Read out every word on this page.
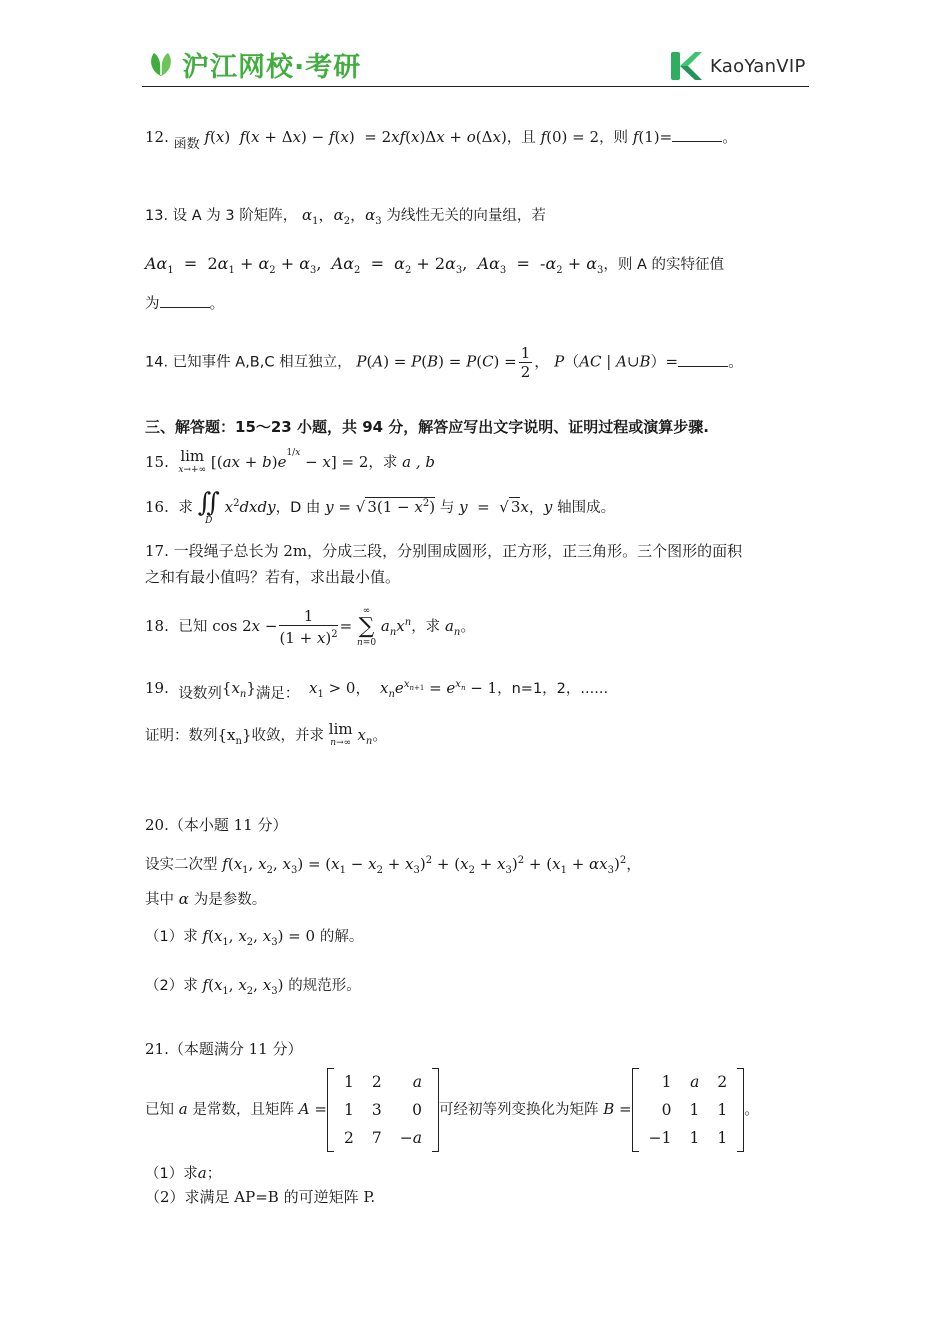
沪江网校·考研	KaoYanVIP
12. 函数 f(x)  f(x + Δx) − f(x)  = 2xf(x)Δx + o(Δx)，且 f(0) = 2，则 f(1)=	。
13. 设 A 为 3 阶矩阵， $\alpha_1$，$\alpha_2$，$\alpha_3$ 为线性无关的向量组，若
$A\alpha_1 = 2\alpha_1 + \alpha_2 + \alpha_3$,  $A\alpha_2 = \alpha_2 + 2\alpha_3$,  $A\alpha_3 = -\alpha_2 + \alpha_3$，则 A 的实特征值
为	。
14. 已知事件 A,B,C 相互独立， $P(A) = P(B) = P(C) = \frac{1}{2}$ ， P（AC | A∪B）=	。
三、解答题：15～23 小题，共 94 分，解答应写出文字说明、证明过程或演算步骤.
15. lim
x→+∞ $[(ax + b)e^{1/x} - x] = 2$，求 a , b
16. 求 ∬
D
$x^2dxdy$，D 由 y = √ $3(1 - x^2)$ 与 y  =  √ 3x，y 轴围成。
17. 一段绳子总长为 2m，分成三段，分别围成圆形，正方形，正三角形。三个图形的面积
之和有最小值吗？若有，求出最小值。
18. 已知 $\cos 2x - \frac{1}{(1 + x)^2}$ =
∞
∑
n=0
$a_nx^n$，求 $a_n$。
19. 设数列$\{x_n\}$满足： $x_1 > 0$，  $x_ne^{x_{n+1}} = e^{x_n} - 1$，n=1，2，......
证明：数列$\{x_n\}$收敛，并求 lim
n→∞ $x_n$。
20.（本小题 11 分）
设实二次型 $f(x_1$, $x_2$, $x_3) = (x_1 - x_2 + x_3)^2 + (x_2 + x_3)^2 + (x_1 + \alpha x_3)^2$，
其中 α 为是参数。
（1）求 $f(x_1$, $x_2$, $x_3) = 0$ 的解。
（2）求 $f(x_1$, $x_2$, $x_3$) 的规范形。
21.（本题满分 11 分）
已知 a 是常数，且矩阵 A =
1	2	a
1	3	0
2	7	−a
可经初等列变换化为矩阵 B =
1	a	2
0	1	1
−1	1	1
。
（1）求a；
（2）求满足 AP=B 的可逆矩阵 P.
